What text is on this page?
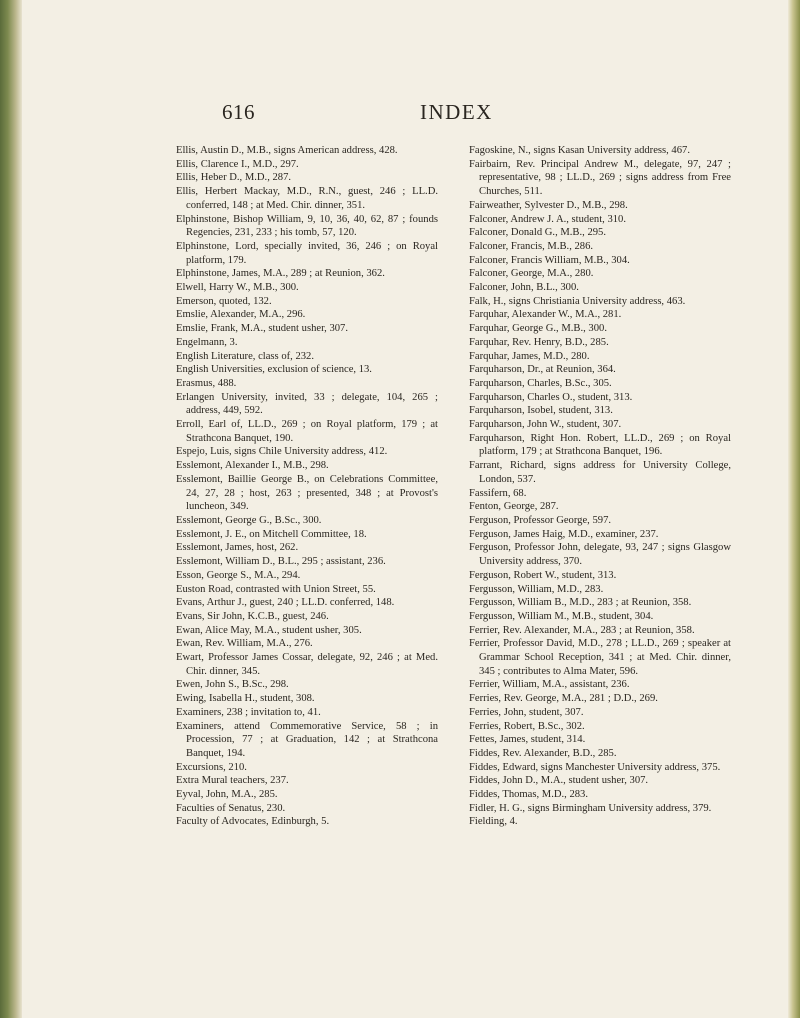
616	INDEX
Ellis, Austin D., M.B., signs American address, 428.
Ellis, Clarence I., M.D., 297.
Ellis, Heber D., M.D., 287.
Ellis, Herbert Mackay, M.D., R.N., guest, 246 ; LL.D. conferred, 148 ; at Med. Chir. dinner, 351.
Elphinstone, Bishop William, 9, 10, 36, 40, 62, 87 ; founds Regencies, 231, 233 ; his tomb, 57, 120.
Elphinstone, Lord, specially invited, 36, 246 ; on Royal platform, 179.
Elphinstone, James, M.A., 289 ; at Reunion, 362.
Elwell, Harry W., M.B., 300.
Emerson, quoted, 132.
Emslie, Alexander, M.A., 296.
Emslie, Frank, M.A., student usher, 307.
Engelmann, 3.
English Literature, class of, 232.
English Universities, exclusion of science, 13.
Erasmus, 488.
Erlangen University, invited, 33 ; delegate, 104, 265 ; address, 449, 592.
Erroll, Earl of, LL.D., 269 ; on Royal platform, 179 ; at Strathcona Banquet, 190.
Espejo, Luis, signs Chile University address, 412.
Esslemont, Alexander I., M.B., 298.
Esslemont, Baillie George B., on Celebrations Committee, 24, 27, 28 ; host, 263 ; presented, 348 ; at Provost's luncheon, 349.
Esslemont, George G., B.Sc., 300.
Esslemont, J. E., on Mitchell Committee, 18.
Esslemont, James, host, 262.
Esslemont, William D., B.L., 295 ; assistant, 236.
Esson, George S., M.A., 294.
Euston Road, contrasted with Union Street, 55.
Evans, Arthur J., guest, 240 ; LL.D. conferred, 148.
Evans, Sir John, K.C.B., guest, 246.
Ewan, Alice May, M.A., student usher, 305.
Ewan, Rev. William, M.A., 276.
Ewart, Professor James Cossar, delegate, 92, 246 ; at Med. Chir. dinner, 345.
Ewen, John S., B.Sc., 298.
Ewing, Isabella H., student, 308.
Examiners, 238 ; invitation to, 41.
Examiners, attend Commemorative Service, 58 ; in Procession, 77 ; at Graduation, 142 ; at Strathcona Banquet, 194.
Excursions, 210.
Extra Mural teachers, 237.
Eyval, John, M.A., 285.
Faculties of Senatus, 230.
Faculty of Advocates, Edinburgh, 5.
Fagoskine, N., signs Kasan University address, 467.
Fairbairn, Rev. Principal Andrew M., delegate, 97, 247 ; representative, 98 ; LL.D., 269 ; signs address from Free Churches, 511.
Fairweather, Sylvester D., M.B., 298.
Falconer, Andrew J. A., student, 310.
Falconer, Donald G., M.B., 295.
Falconer, Francis, M.B., 286.
Falconer, Francis William, M.B., 304.
Falconer, George, M.A., 280.
Falconer, John, B.L., 300.
Falk, H., signs Christiania University address, 463.
Farquhar, Alexander W., M.A., 281.
Farquhar, George G., M.B., 300.
Farquhar, Rev. Henry, B.D., 285.
Farquhar, James, M.D., 280.
Farquharson, Dr., at Reunion, 364.
Farquharson, Charles, B.Sc., 305.
Farquharson, Charles O., student, 313.
Farquharson, Isobel, student, 313.
Farquharson, John W., student, 307.
Farquharson, Right Hon. Robert, LL.D., 269 ; on Royal platform, 179 ; at Strathcona Banquet, 196.
Farrant, Richard, signs address for University College, London, 537.
Fassifern, 68.
Fenton, George, 287.
Ferguson, Professor George, 597.
Ferguson, James Haig, M.D., examiner, 237.
Ferguson, Professor John, delegate, 93, 247 ; signs Glasgow University address, 370.
Ferguson, Robert W., student, 313.
Fergusson, William, M.D., 283.
Fergusson, William B., M.D., 283 ; at Reunion, 358.
Fergusson, William M., M.B., student, 304.
Ferrier, Rev. Alexander, M.A., 283 ; at Reunion, 358.
Ferrier, Professor David, M.D., 278 ; LL.D., 269 ; speaker at Grammar School Reception, 341 ; at Med. Chir. dinner, 345 ; contributes to Alma Mater, 596.
Ferrier, William, M.A., assistant, 236.
Ferries, Rev. George, M.A., 281 ; D.D., 269.
Ferries, John, student, 307.
Ferries, Robert, B.Sc., 302.
Fettes, James, student, 314.
Fiddes, Rev. Alexander, B.D., 285.
Fiddes, Edward, signs Manchester University address, 375.
Fiddes, John D., M.A., student usher, 307.
Fiddes, Thomas, M.D., 283.
Fidler, H. G., signs Birmingham University address, 379.
Fielding, 4.
